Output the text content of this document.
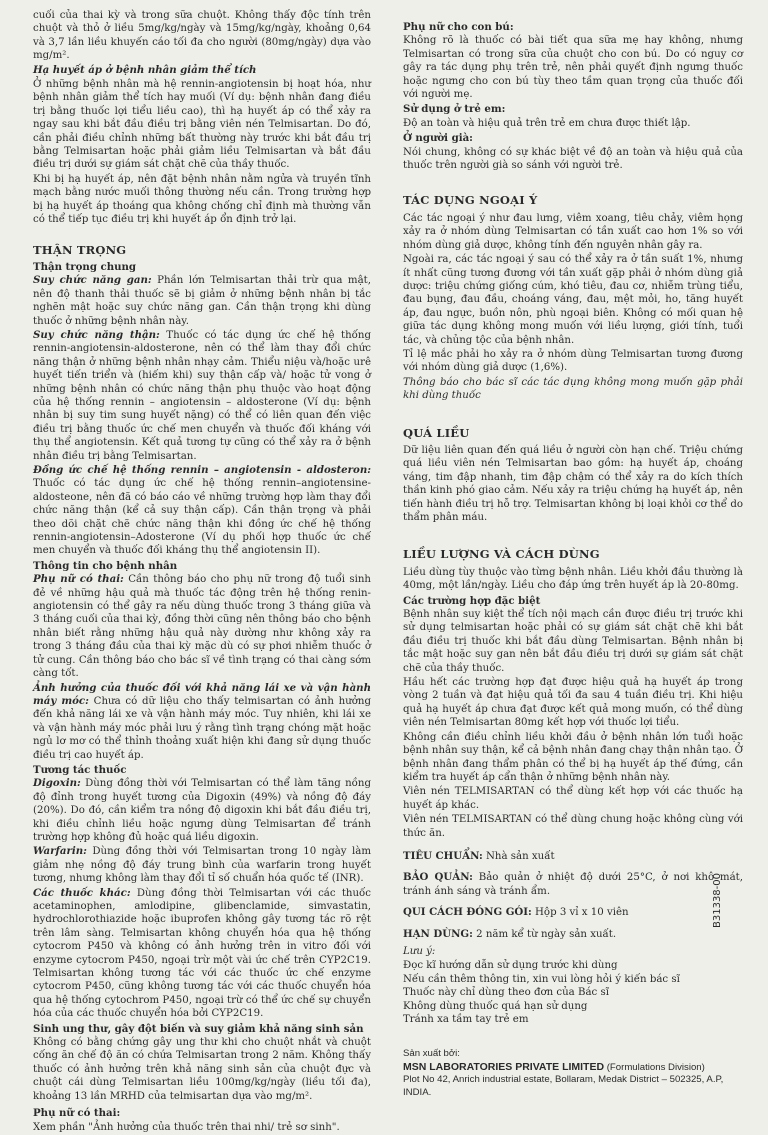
cuối của thai kỳ và trong sữa chuột. Không thấy độc tính trên chuột và thỏ ở liều 5mg/kg/ngày và 15mg/kg/ngày, khoảng 0,64 và 3,7 lần liều khuyến cáo tối đa cho người (80mg/ngày) dựa vào mg/m².

Hạ huyết áp ở bệnh nhân giảm thể tích

Ở những bệnh nhân mà hệ rennin-angiotensin bị hoạt hóa, như bệnh nhân giảm thể tích hay muối (Ví dụ: bệnh nhân đang điều trị bằng thuốc lợi tiểu liều cao), thì hạ huyết áp có thể xảy ra ngay sau khi bắt đầu điều trị bằng viên nén Telmisartan. Do đó, cần phải điều chỉnh những bất thường này trước khi bắt đầu trị bằng Telmisartan hoặc phải giảm liều Telmisartan và bắt đầu điều trị dưới sự giám sát chặt chẽ của thầy thuốc.

Khi bị hạ huyết áp, nên đặt bệnh nhân nằm ngửa và truyền tĩnh mạch bằng nước muối thông thường nếu cần. Trong trường hợp bị hạ huyết áp thoáng qua không chống chỉ định mà thường vẫn có thể tiếp tục điều trị khi huyết áp ổn định trở lại.

THẬN TRỌNG

Thận trọng chung

Suy chức năng gan: Phần lớn Telmisartan thải trừ qua mật, nên độ thanh thải thuốc sẽ bị giảm ở những bệnh nhân bị tắc nghẽn mật hoặc suy chức năng gan. Cần thận trọng khi dùng thuốc ở những bệnh nhân này.

Suy chức năng thận: Thuốc có tác dụng ức chế hệ thống rennin-angiotensin-aldosterone, nên có thể làm thay đổi chức năng thận ở những bệnh nhân nhạy cảm. Thiểu niệu và/hoặc urê huyết tiến triển và (hiếm khi) suy thận cấp và/ hoặc tử vong ở những bệnh nhân có chức năng thận phụ thuộc vào hoạt động của hệ thống rennin – angiotensin – aldosterone (Ví dụ: bệnh nhân bị suy tim sung huyết nặng) có thể có liên quan đến việc điều trị bằng thuốc ức chế men chuyển và thuốc đối kháng với thụ thể angiotensin. Kết quả tương tự cũng có thể xảy ra ở bệnh nhân điều trị bằng Telmisartan.

Đồng ức chế hệ thống rennin – angiotensin - aldosteron: Thuốc có tác dụng ức chế hệ thống rennin–angiotensine-aldosteone, nên đã có báo cáo về những trường hợp làm thay đổi chức năng thận (kể cả suy thận cấp). Cần thận trọng và phải theo dõi chặt chẽ chức năng thận khi đồng ức chế hệ thống rennin-angiotensin–Adosterone (Ví dụ phối hợp thuốc ức chế men chuyển và thuốc đối kháng thụ thể angiotensin II).

Thông tin cho bệnh nhân

Phụ nữ có thai: Cần thông báo cho phụ nữ trong độ tuổi sinh đẻ về những hậu quả mà thuốc tác động trên hệ thống renin-angiotensin có thể gây ra nếu dùng thuốc trong 3 tháng giữa và 3 tháng cuối của thai kỳ, đồng thời cũng nên thông báo cho bệnh nhân biết rằng những hậu quả này dường như không xảy ra trong 3 tháng đầu của thai kỳ mặc dù có sự phơi nhiễm thuốc ở tử cung. Cần thông báo cho bác sĩ về tình trạng có thai càng sớm càng tốt.

Ảnh hưởng của thuốc đối với khả năng lái xe và vận hành máy móc: Chưa có dữ liệu cho thấy telmisartan có ảnh hưởng đến khả năng lái xe và vận hành máy móc. Tuy nhiên, khi lái xe và vận hành máy móc phải lưu ý rằng tình trạng chóng mặt hoặc ngủ lơ mơ có thể thỉnh thoảng xuất hiện khi đang sử dụng thuốc điều trị cao huyết áp.

Tương tác thuốc

Digoxin: Dùng đồng thời với Telmisartan có thể làm tăng nồng độ đỉnh trong huyết tương của Digoxin (49%) và nồng độ đáy (20%). Do đó, cần kiểm tra nồng độ digoxin khi bắt đầu điều trị, khi điều chỉnh liều hoặc ngưng dùng Telmisartan để tránh trường hợp không đủ hoặc quá liều digoxin.

Warfarin: Dùng đồng thời với Telmisartan trong 10 ngày làm giảm nhẹ nồng độ đáy trung bình của warfarin trong huyết tương, nhưng không làm thay đổi tỉ số chuẩn hóa quốc tế (INR).

Các thuốc khác: Dùng đồng thời Telmisartan với các thuốc acetaminophen, amlodipine, glibenclamide, simvastatin, hydrochlorothiazide hoặc ibuprofen không gây tương tác rõ rệt trên lâm sàng. Telmisartan không chuyển hóa qua hệ thống cytocrom P450 và không có ảnh hưởng trên in vitro đối với enzyme cytocrom P450, ngoại trừ một vài ức chế trên CYP2C19. Telmisartan không tương tác với các thuốc ức chế enzyme cytocrom P450, cũng không tương tác với các thuốc chuyển hóa qua hệ thống cytochrom P450, ngoại trừ có thể ức chế sự chuyển hóa của các thuốc chuyển hóa bởi CYP2C19.

Sinh ung thư, gây đột biến và suy giảm khả năng sinh sản

Không có bằng chứng gây ung thư khi cho chuột nhắt và chuột cống ăn chế độ ăn có chứa Telmisartan trong 2 năm. Không thấy thuốc có ảnh hưởng trên khả năng sinh sản của chuột đực và chuột cái dùng Telmisartan liều 100mg/kg/ngày (liều tối đa), khoảng 13 lần MRHD của telmisartan dựa vào mg/m².

Phụ nữ có thai:

Xem phần "Ảnh hưởng của thuốc trên thai nhi/ trẻ sơ sinh".

Phụ nữ cho con bú:

Không rõ là thuốc có bài tiết qua sữa mẹ hay không, nhưng Telmisartan có trong sữa của chuột cho con bú. Do có nguy cơ gây ra tác dụng phụ trên trẻ, nên phải quyết định ngưng thuốc hoặc ngưng cho con bú tùy theo tầm quan trọng của thuốc đối với người mẹ.

Sử dụng ở trẻ em:

Độ an toàn và hiệu quả trên trẻ em chưa được thiết lập.

Ở người già:

Nói chung, không có sự khác biệt về độ an toàn và hiệu quả của thuốc trên người già so sánh với người trẻ.

TÁC DỤNG NGOẠI Ý

Các tác ngoại ý như đau lưng, viêm xoang, tiêu chảy, viêm họng xảy ra ở nhóm dùng Telmisartan có tần xuất cao hơn 1% so với nhóm dùng giả dược, không tính đến nguyên nhân gây ra.

Ngoài ra, các tác ngoại ý sau có thể xảy ra ở tần suất 1%, nhưng ít nhất cũng tương đương với tần xuất gặp phải ở nhóm dùng giả dược: triệu chứng giống cúm, khó tiêu, đau cơ, nhiễm trùng tiểu, đau bụng, đau đầu, choáng váng, đau, mệt mỏi, ho, tăng huyết áp, đau ngực, buồn nôn, phù ngoại biên. Không có mối quan hệ giữa tác dụng không mong muốn với liều lượng, giới tính, tuổi tác, và chủng tộc của bệnh nhân.

Tỉ lệ mắc phải ho xảy ra ở nhóm dùng Telmisartan tương đương với nhóm dùng giả dược (1,6%).

Thông báo cho bác sĩ các tác dụng không mong muốn gặp phải khi dùng thuốc

QUÁ LIỀU

Dữ liệu liên quan đến quá liều ở người còn hạn chế. Triệu chứng quá liều viên nén Telmisartan bao gồm: hạ huyết áp, choáng váng, tim đập nhanh, tim đập chậm có thể xảy ra do kích thích thần kinh phó giao cảm. Nếu xảy ra triệu chứng hạ huyết áp, nên tiến hành điều trị hỗ trợ. Telmisartan không bị loại khỏi cơ thể do thẩm phân máu.

LIỀU LƯỢNG VÀ CÁCH DÙNG

Liều dùng tùy thuộc vào từng bệnh nhân. Liều khởi đầu thường là 40mg, một lần/ngày. Liều cho đáp ứng trên huyết áp là 20-80mg.

Các trường hợp đặc biệt

Bệnh nhân suy kiệt thể tích nội mạch cần được điều trị trước khi sử dụng telmisartan hoặc phải có sự giám sát chặt chẽ khi bắt đầu điều trị thuốc khi bắt đầu dùng Telmisartan. Bệnh nhân bị tắc mật hoặc suy gan nên bắt đầu điều trị dưới sự giám sát chặt chẽ của thầy thuốc.

Hầu hết các trường hợp đạt được hiệu quả hạ huyết áp trong vòng 2 tuần và đạt hiệu quả tối đa sau 4 tuần điều trị. Khi hiệu quả hạ huyết áp chưa đạt được kết quả mong muốn, có thể dùng viên nén Telmisartan 80mg kết hợp với thuốc lợi tiểu.

Không cần điều chỉnh liều khởi đầu ở bệnh nhân lớn tuổi hoặc bệnh nhân suy thận, kể cả bệnh nhân đang chạy thận nhân tạo. Ở bệnh nhân đang thẩm phân có thể bị hạ huyết áp thế đứng, cần kiểm tra huyết áp cẩn thận ở những bệnh nhân này.

Viên nén TELMISARTAN có thể dùng kết hợp với các thuốc hạ huyết áp khác.

Viên nén TELMISARTAN có thể dùng chung hoặc không cùng với thức ăn.

TIÊU CHUẨN: Nhà sản xuất

BẢO QUẢN: Bảo quản ở nhiệt độ dưới 25°C, ở nơi khô mát, tránh ánh sáng và tránh ẩm.

QUI CÁCH ĐÓNG GÓI: Hộp 3 vỉ x 10 viên

HẠN DÙNG: 2 năm kể từ ngày sản xuất.

Lưu ý:

Đọc kĩ hướng dẫn sử dụng trước khi dùng
Nếu cần thêm thông tin, xin vui lòng hỏi ý kiến bác sĩ
Thuốc này chỉ dùng theo đơn của Bác sĩ
Không dùng thuốc quá hạn sử dụng
Tránh xa tầm tay trẻ em
B31338-00
Sản xuất bởi:
MSN LABORATORIES PRIVATE LIMITED (Formulations Division)
Plot No 42, Anrich industrial estate, Bollaram, Medak District – 502325, A.P, INDIA.
